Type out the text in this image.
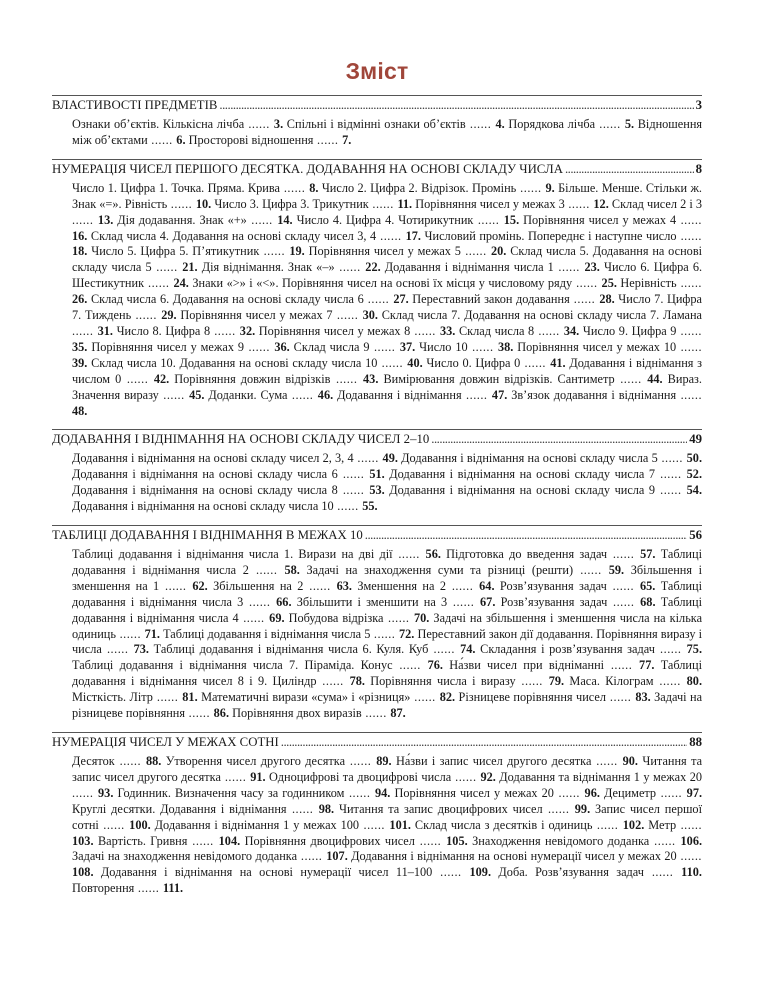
Зміст
ВЛАСТИВОСТІ ПРЕДМЕТІВ .....	3
Ознаки об’єктів. Кількісна лічба ...... 3. Спільні і відмінні ознаки об’єктів ...... 4. Порядкова лічба ...... 5. Відношення між об’єктами ...... 6. Просторові відношення ...... 7.
НУМЕРАЦІЯ ЧИСЕЛ ПЕРШОГО ДЕСЯТКА. ДОДАВАННЯ НА ОСНОВІ СКЛАДУ ЧИСЛА .....	8
Число 1. Цифра 1. Точка. Пряма. Крива ...... 8. Число 2. Цифра 2. Відрізок. Промінь ...... 9. Більше. Менше. Стільки ж. Знак «=». Рівність ...... 10. Число 3. Цифра 3. Трикутник ...... 11. Порівняння чисел у межах 3 ...... 12. Склад чисел 2 і 3 ...... 13. Дія додавання. Знак «+» ...... 14. Число 4. Цифра 4. Чотирикутник ...... 15. Порівняння чисел у межах 4 ...... 16. Склад числа 4. Додавання на основі складу чисел 3, 4 ...... 17. Числовий промінь. Попереднє і наступне число ...... 18. Число 5. Цифра 5. П’ятикутник ...... 19. Порівняння чисел у межах 5 ...... 20. Склад числа 5. Додавання на основі складу числа 5 ...... 21. Дія віднімання. Знак «–» ...... 22. Додавання і віднімання числа 1 ...... 23. Число 6. Цифра 6. Шестикутник ...... 24. Знаки «>» і «<». Порівняння чисел на основі їх місця у числовому ряду ...... 25. Нерівність ...... 26. Склад числа 6. Додавання на основі складу числа 6 ...... 27. Переставний закон додавання ...... 28. Число 7. Цифра 7. Тиждень ...... 29. Порівняння чисел у межах 7 ...... 30. Склад числа 7. Додавання на основі складу числа 7. Ламана ...... 31. Число 8. Цифра 8 ...... 32. Порівняння чисел у межах 8 ...... 33. Склад числа 8 ...... 34. Число 9. Цифра 9 ...... 35. Порівняння чисел у межах 9 ...... 36. Склад числа 9 ...... 37. Число 10 ...... 38. Порівняння чисел у межах 10 ...... 39. Склад числа 10. Додавання на основі складу числа 10 ...... 40. Число 0. Цифра 0 ...... 41. Додавання і віднімання з числом 0 ...... 42. Порівняння довжин відрізків ...... 43. Вимірювання довжин відрізків. Сантиметр ...... 44. Вираз. Значення виразу ...... 45. Доданки. Сума ...... 46. Додавання і віднімання ...... 47. Зв’язок додавання і віднімання ...... 48.
ДОДАВАННЯ І ВІДНІМАННЯ НА ОСНОВІ СКЛАДУ ЧИСЕЛ 2–10 .....	49
Додавання і віднімання на основі складу чисел 2, 3, 4 ...... 49. Додавання і віднімання на основі складу числа 5 ...... 50. Додавання і віднімання на основі складу числа 6 ...... 51. Додавання і віднімання на основі складу числа 7 ...... 52. Додавання і віднімання на основі складу числа 8 ...... 53. Додавання і віднімання на основі складу числа 9 ...... 54. Додавання і віднімання на основі складу числа 10 ...... 55.
ТАБЛИЦІ ДОДАВАННЯ І ВІДНІМАННЯ В МЕЖАХ 10 .....	56
Таблиці додавання і віднімання числа 1. Вирази на дві дії ...... 56. Підготовка до введення задач ...... 57. Таблиці додавання і віднімання числа 2 ...... 58. Задачі на знаходження суми та різниці (решти) ...... 59. Збільшення і зменшення на 1 ...... 62. Збільшення на 2 ...... 63. Зменшення на 2 ...... 64. Розв’язування задач ...... 65. Таблиці додавання і віднімання числа 3 ...... 66. Збільшити і зменшити на 3 ...... 67. Розв’язування задач ...... 68. Таблиці додавання і віднімання числа 4 ...... 69. Побудова відрізка ...... 70. Задачі на збільшення і зменшення числа на кілька одиниць ...... 71. Таблиці додавання і віднімання числа 5 ...... 72. Переставний закон дії додавання. Порівняння виразу і числа ...... 73. Таблиці додавання і віднімання числа 6. Куля. Куб ...... 74. Складання і розв’язування задач ...... 75. Таблиці додавання і віднімання числа 7. Піраміда. Конус ...... 76. На́зви чисел при відніманні ...... 77. Таблиці додавання і віднімання чисел 8 і 9. Циліндр ...... 78. Порівняння числа і виразу ...... 79. Маса. Кілограм ...... 80. Місткість. Літр ...... 81. Математичні вирази «сума» і «різниця» ...... 82. Різницеве порівняння чисел ...... 83. Задачі на різницеве порівняння ...... 86. Порівняння двох виразів ...... 87.
НУМЕРАЦІЯ ЧИСЕЛ У МЕЖАХ СОТНІ .....	88
Десяток ...... 88. Утворення чисел другого десятка ...... 89. На́зви і запис чисел другого десятка ...... 90. Читання та запис чисел другого десятка ...... 91. Одноцифрові та двоцифрові числа ...... 92. Додавання та віднімання 1 у межах 20 ...... 93. Годинник. Визначення часу за годинником ...... 94. Порівняння чисел у межах 20 ...... 96. Дециметр ...... 97. Круглі десятки. Додавання і віднімання ...... 98. Читання та запис двоцифрових чисел ...... 99. Запис чисел першої сотні ...... 100. Додавання і віднімання 1 у межах 100 ...... 101. Склад числа з десятків і одиниць ...... 102. Метр ...... 103. Вартість. Гривня ...... 104. Порівняння двоцифрових чисел ...... 105. Знаходження невідомого доданка ...... 106. Задачі на знаходження невідомого доданка ...... 107. Додавання і віднімання на основі нумерації чисел у межах 20 ...... 108. Додавання і віднімання на основі нумерації чисел 11–100 ...... 109. Доба. Розв’язування задач ...... 110. Повторення ...... 111.
